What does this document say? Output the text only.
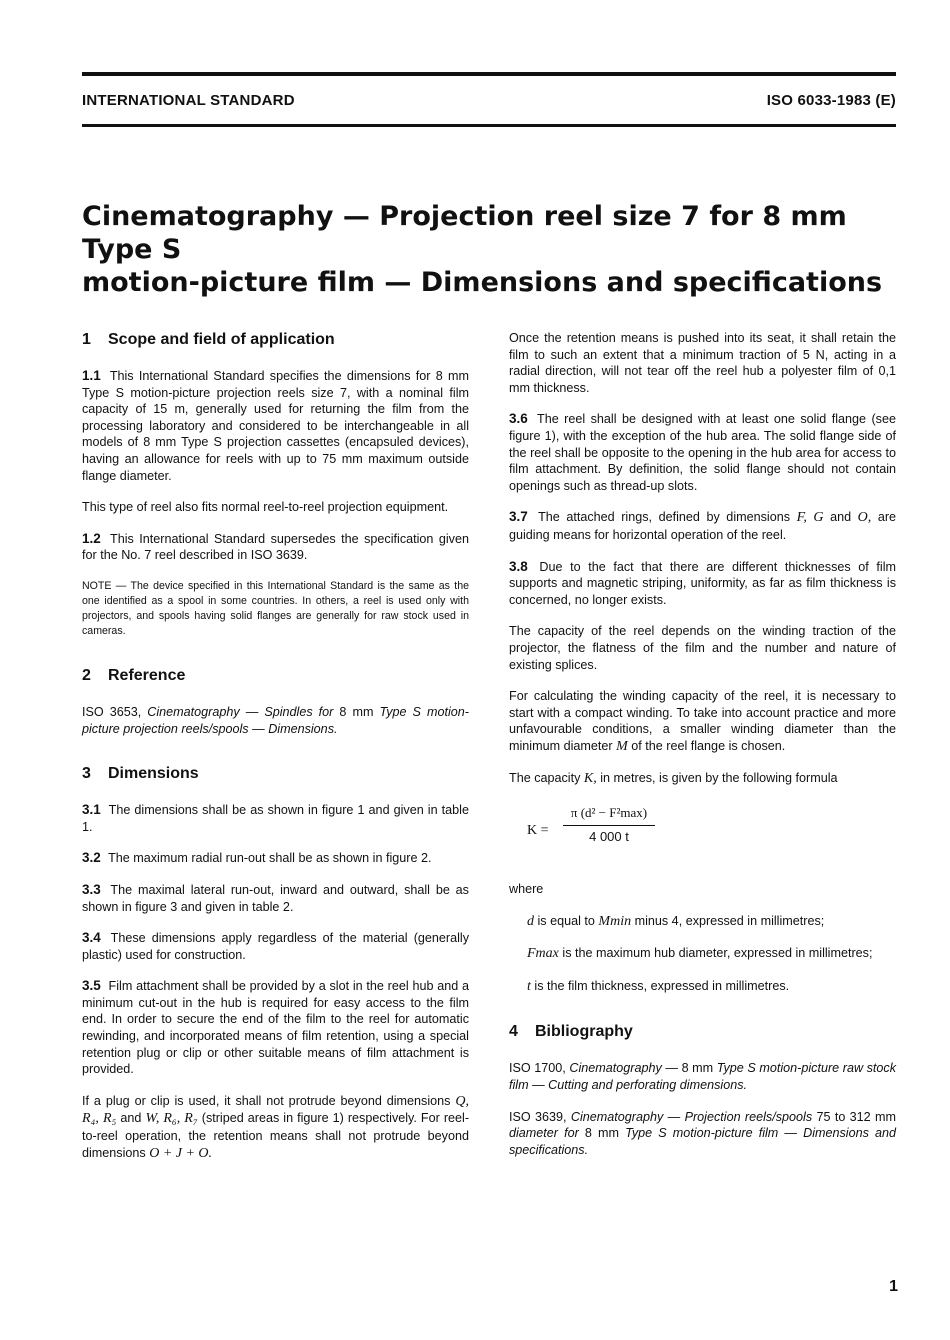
INTERNATIONAL STANDARD	ISO 6033-1983 (E)
Cinematography — Projection reel size 7 for 8 mm Type S
motion-picture film — Dimensions and specifications
1 Scope and field of application

1.1 This International Standard specifies the dimensions for 8 mm Type S motion-picture projection reels size 7, with a nominal film capacity of 15 m, generally used for returning the film from the processing laboratory and considered to be interchangeable in all models of 8 mm Type S projection cassettes (encapsuled devices), having an allowance for reels with up to 75 mm maximum outside flange diameter.

This type of reel also fits normal reel-to-reel projection equipment.

1.2 This International Standard supersedes the specification given for the No. 7 reel described in ISO 3639.

NOTE — The device specified in this International Standard is the same as the one identified as a spool in some countries. In others, a reel is used only with projectors, and spools having solid flanges are generally for raw stock used in cameras.

2 Reference

ISO 3653, Cinematography — Spindles for 8 mm Type S motion-picture projection reels/spools — Dimensions.

3 Dimensions

3.1 The dimensions shall be as shown in figure 1 and given in table 1.

3.2 The maximum radial run-out shall be as shown in figure 2.

3.3 The maximal lateral run-out, inward and outward, shall be as shown in figure 3 and given in table 2.

3.4 These dimensions apply regardless of the material (generally plastic) used for construction.

3.5 Film attachment shall be provided by a slot in the reel hub and a minimum cut-out in the hub is required for easy access to the film end. In order to secure the end of the film to the reel for automatic rewinding, and incorporated means of film retention, using a special retention plug or clip or other suitable means of film attachment is provided.

If a plug or clip is used, it shall not protrude beyond dimensions Q, R₄, R₅ and W, R₆, R₇ (striped areas in figure 1) respectively. For reel-to-reel operation, the retention means shall not protrude beyond dimensions O + J + O.

Once the retention means is pushed into its seat, it shall retain the film to such an extent that a minimum traction of 5 N, acting in a radial direction, will not tear off the reel hub a polyester film of 0,1 mm thickness.

3.6 The reel shall be designed with at least one solid flange (see figure 1), with the exception of the hub area. The solid flange side of the reel shall be opposite to the opening in the hub area for access to film attachment. By definition, the solid flange should not contain openings such as thread-up slots.

3.7 The attached rings, defined by dimensions F, G and O, are guiding means for horizontal operation of the reel.

3.8 Due to the fact that there are different thicknesses of film supports and magnetic striping, uniformity, as far as film thickness is concerned, no longer exists.

The capacity of the reel depends on the winding traction of the projector, the flatness of the film and the number and nature of existing splices.

For calculating the winding capacity of the reel, it is necessary to start with a compact winding. To take into account practice and more unfavourable conditions, a smaller winding diameter than the minimum diameter M of the reel flange is chosen.

The capacity K, in metres, is given by the following formula

K =
π (d² − F²max)
4 000 t

where

d is equal to Mmin minus 4, expressed in millimetres;

Fmax is the maximum hub diameter, expressed in millimetres;

t is the film thickness, expressed in millimetres.

4 Bibliography

ISO 1700, Cinematography — 8 mm Type S motion-picture raw stock film — Cutting and perforating dimensions.

ISO 3639, Cinematography — Projection reels/spools 75 to 312 mm diameter for 8 mm Type S motion-picture film — Dimensions and specifications.

1
